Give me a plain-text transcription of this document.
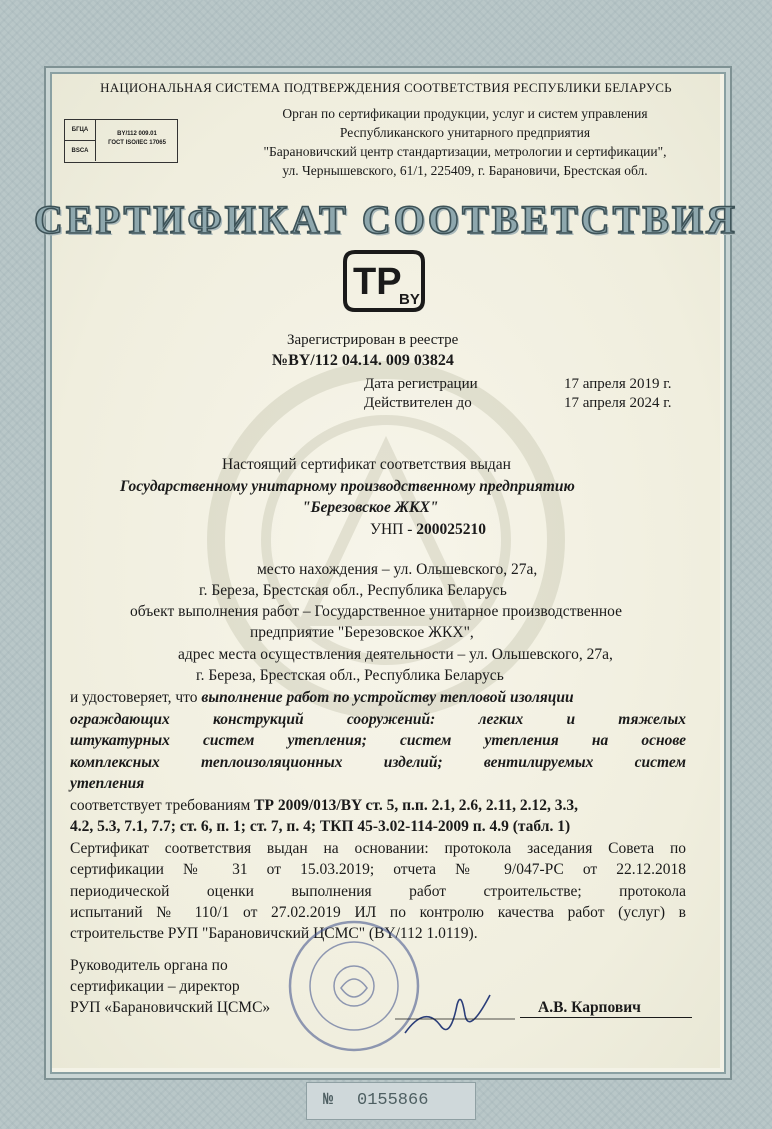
НАЦИОНАЛЬНАЯ СИСТЕМА ПОДТВЕРЖДЕНИЯ СООТВЕТСТВИЯ РЕСПУБЛИКИ БЕЛАРУСЬ
БГЦА
BSCA
BY/112 009.01
ГОСТ ISO/IEC 17065
Орган по сертификации продукции, услуг и систем управления
Республиканского унитарного предприятия
"Барановичский центр стандартизации, метрологии и сертификации",
ул. Чернышевского, 61/1, 225409, г. Барановичи, Брестская обл.
СЕРТИФИКАТ СООТВЕТСТВИЯ
TP
BY
Зарегистрирован в реестре
№BY/112 04.14. 009 03824
Дата регистрации	17 апреля 2019 г.
Действителен до	17 апреля 2024 г.
Настоящий сертификат соответствия выдан
Государственному унитарному производственному предприятию
"Березовское ЖКХ"
УНП - 200025210
место нахождения – ул. Ольшевского, 27а,
г. Береза, Брестская обл., Республика Беларусь
объект выполнения работ – Государственное унитарное производственное
предприятие "Березовское ЖКХ",
адрес места осуществления деятельности – ул. Ольшевского, 27а,
г. Береза, Брестская обл., Республика Беларусь
и удостоверяет, что выполнение работ по устройству тепловой изоляции
ограждающих конструкций сооружений: легких и тяжелых
штукатурных систем утепления; систем утепления на основе
комплексных теплоизоляционных изделий; вентилируемых систем
утепления
соответствует требованиям ТР 2009/013/BY ст. 5, п.п. 2.1, 2.6, 2.11, 2.12, 3.3,
4.2, 5.3, 7.1, 7.7; ст. 6, п. 1; ст. 7, п. 4; ТКП 45-3.02-114-2009 п. 4.9 (табл. 1)
Сертификат соответствия выдан на основании: протокола заседания Совета по
сертификации № 31 от 15.03.2019; отчета № 9/047-РС от 22.12.2018
периодической оценки выполнения работ строительстве; протокола
испытаний № 110/1 от 27.02.2019 ИЛ по контролю качества работ (услуг) в
строительстве РУП "Барановичский ЦСМС" (BY/112 1.0119).
Руководитель органа по
сертификации – директор
РУП «Барановичский ЦСМС»	А.В. Карпович
№ 0155866
